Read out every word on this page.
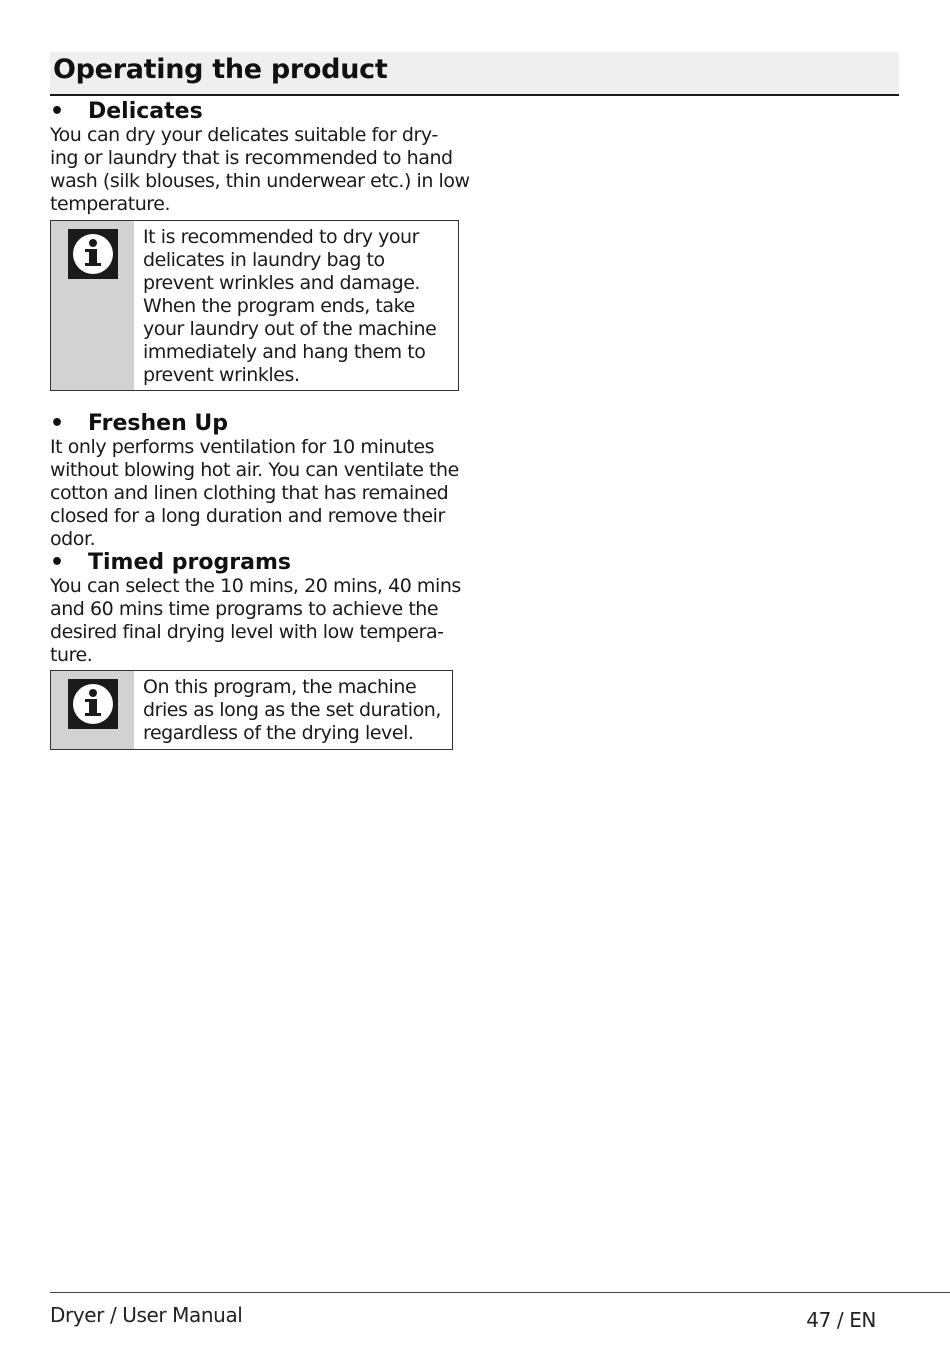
Operating the product
• Delicates
You can dry your delicates suitable for dry-
ing or laundry that is recommended to hand
wash (silk blouses, thin underwear etc.) in low
temperature.
It is recommended to dry your
delicates in laundry bag to
prevent wrinkles and damage.
When the program ends, take
your laundry out of the machine
immediately and hang them to
prevent wrinkles.
• Freshen Up
It only performs ventilation for 10 minutes
without blowing hot air. You can ventilate the
cotton and linen clothing that has remained
closed for a long duration and remove their
odor.
• Timed programs
You can select the 10 mins, 20 mins, 40 mins
and 60 mins time programs to achieve the
desired final drying level with low tempera-
ture.
On this program, the machine
dries as long as the set duration,
regardless of the drying level.
Dryer / User Manual	47 / EN
